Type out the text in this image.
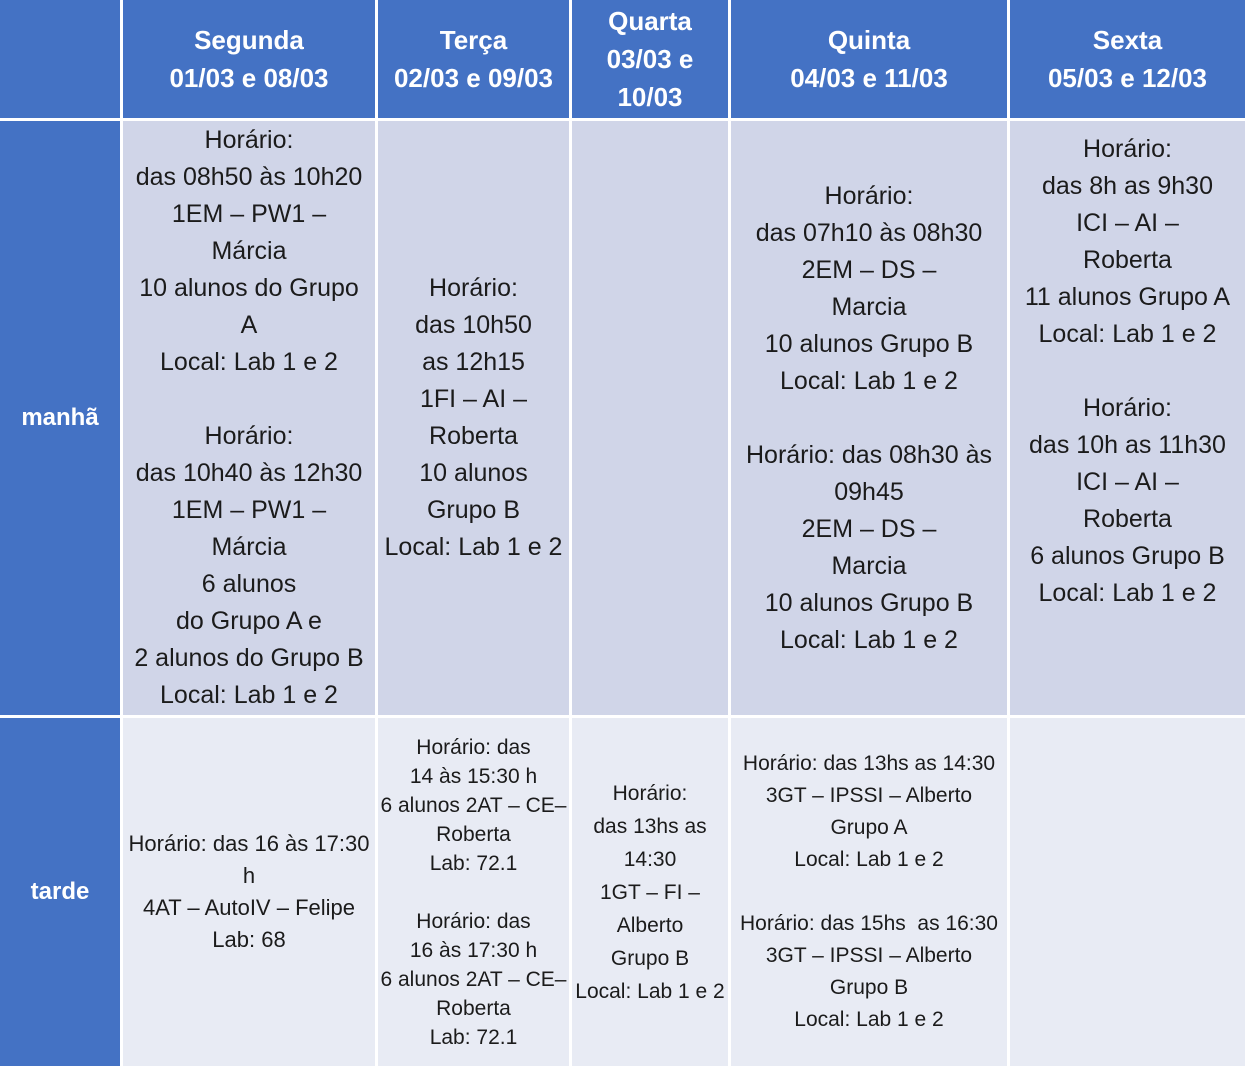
Segunda
01/03 e 08/03
Terça
02/03 e 09/03
Quarta
03/03 e 10/03
Quinta
04/03 e 11/03
Sexta
05/03 e 12/03
manhã
Horário:
das 08h50 às 10h20
1EM – PW1 –
Márcia
10 alunos do Grupo
A
Local: Lab 1 e 2

Horário:
das 10h40 às 12h30
1EM – PW1 –
Márcia
6 alunos
do Grupo A e
2 alunos do Grupo B
Local: Lab 1 e 2
Horário:
das 10h50
as 12h15
1FI – AI –
Roberta
10 alunos
Grupo B
Local: Lab 1 e 2
Horário:
das 07h10 às 08h30
2EM – DS –
Marcia
10 alunos Grupo B
Local: Lab 1 e 2

Horário: das 08h30 às
09h45
2EM – DS –
Marcia
10 alunos Grupo B
Local: Lab 1 e 2
Horário:
das 8h as 9h30
ICI – AI –
Roberta
11 alunos Grupo A
Local: Lab 1 e 2

Horário:
das 10h as 11h30
ICI – AI –
Roberta
6 alunos Grupo B
Local: Lab 1 e 2
tarde
Horário: das 16 às 17:30
h
4AT – AutoIV – Felipe
Lab: 68
Horário: das
14 às 15:30 h
6 alunos 2AT – CE–
Roberta
Lab: 72.1

Horário: das
16 às 17:30 h
6 alunos 2AT – CE–
Roberta
Lab: 72.1
Horário:
das 13hs as
14:30
1GT – FI –
Alberto
Grupo B
Local: Lab 1 e 2
Horário: das 13hs as 14:30
3GT – IPSSI – Alberto
Grupo A
Local: Lab 1 e 2

Horário: das 15hs  as 16:30
3GT – IPSSI – Alberto
Grupo B
Local: Lab 1 e 2
